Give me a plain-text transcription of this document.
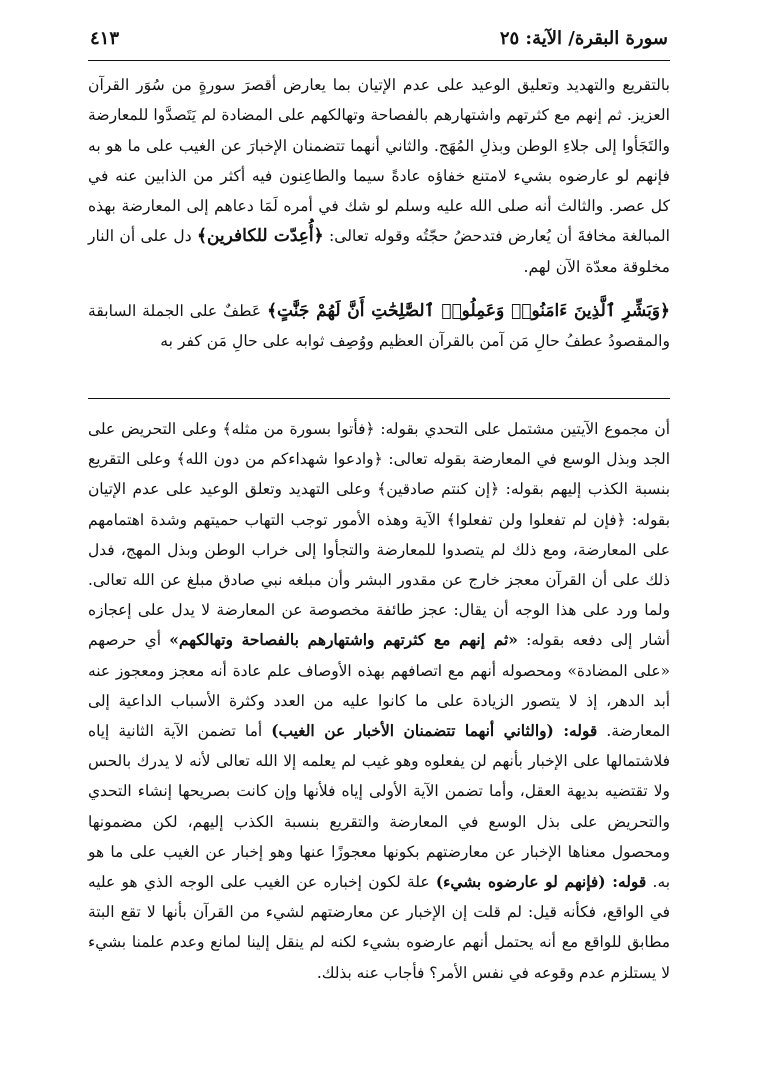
سورة البقرة/ الآية: ٢٥
٤١٣

بالتقريع والتهديد وتعليق الوعيد على عدم الإتيان بما يعارض أقصرَ سورةٍ من سُوَر القرآن العزيز. ثم إنهم مع كثرتهم واشتهارهم بالفصاحة وتهالكهم على المضادة لم يَتَصدَّوا للمعارضة والتَجَأوا إلى جلاءِ الوطن وبذلِ المُهَج. والثاني أنهما تتضمنان الإخبارَ عن الغيب على ما هو به فإنهم لو عارضوه بشيء لامتنع خفاؤه عادةً سيما والطاعِنون فيه أكثر من الذابين عنه في كل عصر. والثالث أنه صلى الله عليه وسلم لو شك في أمره لَمَا دعاهم إلى المعارضة بهذه المبالغة مخافةَ أن يُعارض فتدحضُ حجّتُه وقوله تعالى: ﴿أُعِدّت للكافرين﴾ دل على أن النار مخلوقة معدّة الآن لهم.

﴿وَبَشِّرِ ٱلَّذِينَ ءَامَنُوا۟ وَعَمِلُوا۟ ٱلصَّٰلِحَٰتِ أَنَّ لَهُمْ جَنَّٰتٍ﴾ عَطفٌ على الجملة السابقة والمقصودُ عطفُ حالِ مَن آمن بالقرآن العظيم ووُصِف ثوابه على حالِ مَن كفر به

أن مجموع الآيتين مشتمل على التحدي بقوله: ﴿فأتوا بسورة من مثله﴾ وعلى التحريض على الجد وبذل الوسع في المعارضة بقوله تعالى: ﴿وادعوا شهداءكم من دون الله﴾ وعلى التقريع بنسبة الكذب إليهم بقوله: ﴿إن كنتم صادقين﴾ وعلى التهديد وتعلق الوعيد على عدم الإتيان بقوله: ﴿فإن لم تفعلوا ولن تفعلوا﴾ الآية وهذه الأمور توجب التهاب حميتهم وشدة اهتمامهم على المعارضة، ومع ذلك لم يتصدوا للمعارضة والتجأوا إلى خراب الوطن وبذل المهج، فدل ذلك على أن القرآن معجز خارج عن مقدور البشر وأن مبلغه نبي صادق مبلغ عن الله تعالى. ولما ورد على هذا الوجه أن يقال: عجز طائفة مخصوصة عن المعارضة لا يدل على إعجازه أشار إلى دفعه بقوله: «ثم إنهم مع كثرتهم واشتهارهم بالفصاحة وتهالكهم» أي حرصهم «على المضادة» ومحصوله أنهم مع اتصافهم بهذه الأوصاف علم عادة أنه معجز ومعجوز عنه أبد الدهر، إذ لا يتصور الزيادة على ما كانوا عليه من العدد وكثرة الأسباب الداعية إلى المعارضة. قوله: (والثاني أنهما تتضمنان الأخبار عن الغيب) أما تضمن الآية الثانية إياه فلاشتمالها على الإخبار بأنهم لن يفعلوه وهو غيب لم يعلمه إلا الله تعالى لأنه لا يدرك بالحس ولا تقتضيه بديهة العقل، وأما تضمن الآية الأولى إياه فلأنها وإن كانت بصريحها إنشاء التحدي والتحريض على بذل الوسع في المعارضة والتقريع بنسبة الكذب إليهم، لكن مضمونها ومحصول معناها الإخبار عن معارضتهم بكونها معجوزًا عنها وهو إخبار عن الغيب على ما هو به. قوله: (فإنهم لو عارضوه بشيء) علة لكون إخباره عن الغيب على الوجه الذي هو عليه في الواقع، فكأنه قيل: لم قلت إن الإخبار عن معارضتهم لشيء من القرآن بأنها لا تقع البتة مطابق للواقع مع أنه يحتمل أنهم عارضوه بشيء لكنه لم ينقل إلينا لمانع وعدم علمنا بشيء لا يستلزم عدم وقوعه في نفس الأمر؟ فأجاب عنه بذلك.
